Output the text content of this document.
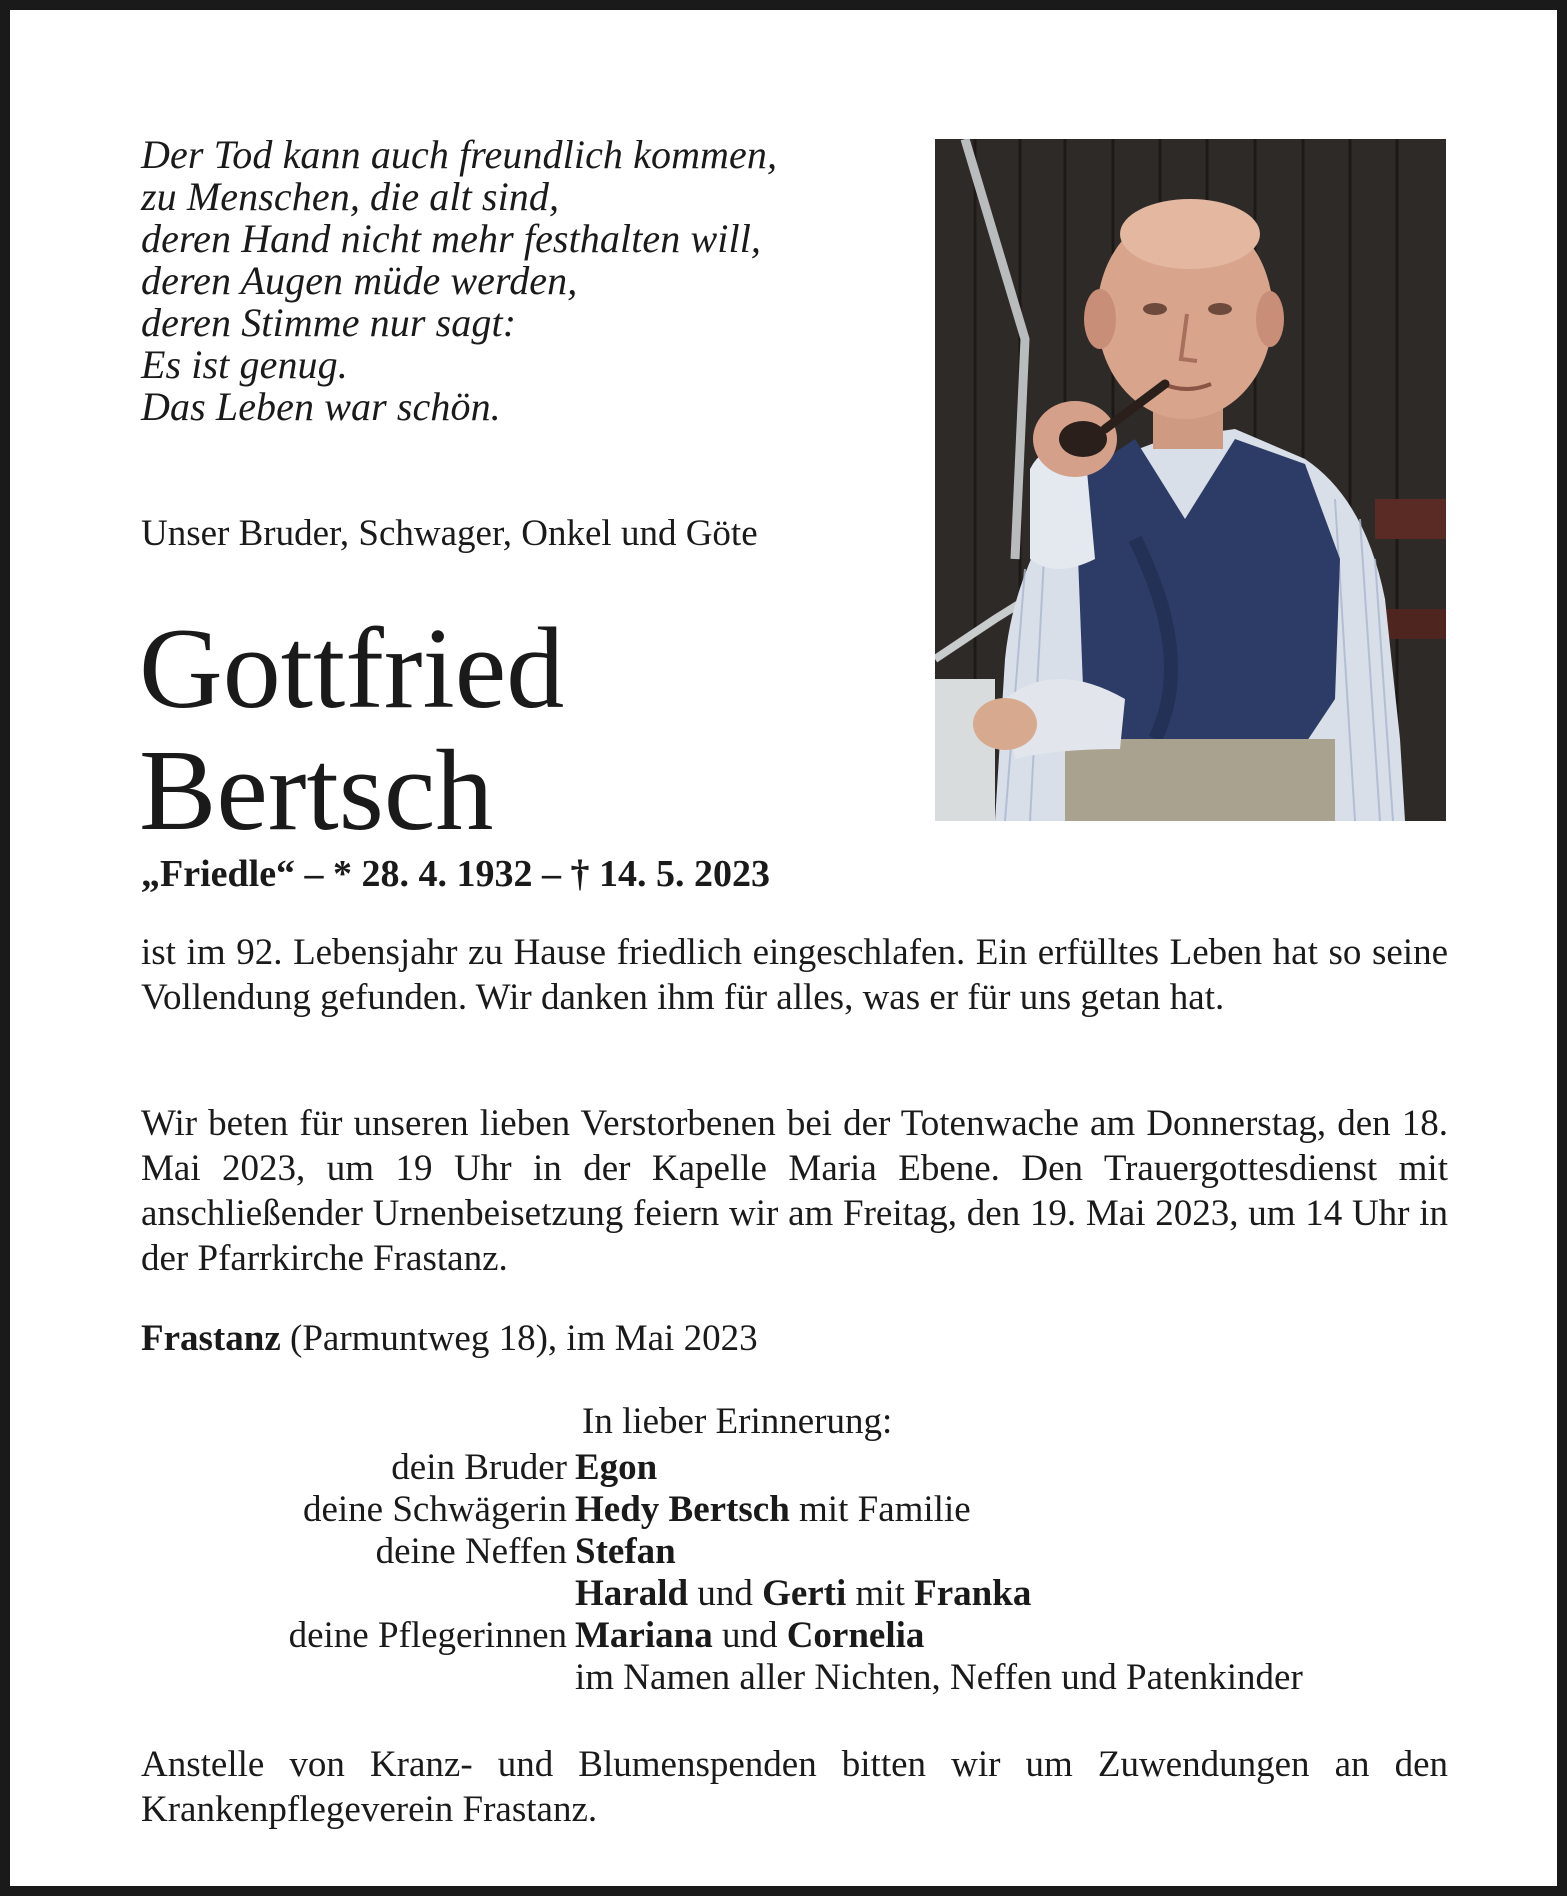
Der Tod kann auch freundlich kommen,
zu Menschen, die alt sind,
deren Hand nicht mehr festhalten will,
deren Augen müde werden,
deren Stimme nur sagt:
Es ist genug.
Das Leben war schön.
Unser Bruder, Schwager, Onkel und Göte
Gottfried
Bertsch
„Friedle“ – * 28. 4. 1932 – † 14. 5. 2023
ist im 92. Lebensjahr zu Hause friedlich eingeschlafen. Ein erfülltes Leben hat so seine Vollendung gefunden. Wir danken ihm für alles, was er für uns getan hat.
Wir beten für unseren lieben Verstorbenen bei der Totenwache am Donnerstag, den 18. Mai 2023, um 19 Uhr in der Kapelle Maria Ebene. Den Trauergottesdienst mit anschließender Urnenbeisetzung feiern wir am Freitag, den 19. Mai 2023, um 14 Uhr in der Pfarrkirche Frastanz.
Frastanz (Parmuntweg 18), im Mai 2023
In lieber Erinnerung:
dein Bruder Egon
deine Schwägerin Hedy Bertsch mit Familie
deine Neffen Stefan
Harald und Gerti mit Franka
deine Pflegerinnen Mariana und Cornelia
im Namen aller Nichten, Neffen und Patenkinder
Anstelle von Kranz- und Blumenspenden bitten wir um Zuwendungen an den Krankenpflegeverein Frastanz.
